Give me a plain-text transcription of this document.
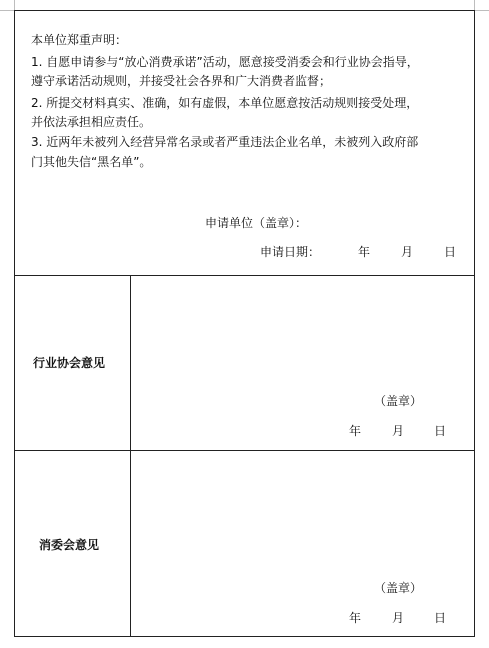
本单位郑重声明：
1. 自愿申请参与“放心消费承诺”活动，愿意接受消委会和行业协会指导，
遵守承诺活动规则，并接受社会各界和广大消费者监督；
2. 所提交材料真实、准确，如有虚假，本单位愿意按活动规则接受处理，
并依法承担相应责任。
3. 近两年未被列入经营异常名录或者严重违法企业名单，未被列入政府部
门其他失信“黑名单”。
申请单位（盖章）：
申请日期：	年	月	日
行业协会意见
（盖章）
年	月 日
消委会意见
（盖章）
年	月 日
